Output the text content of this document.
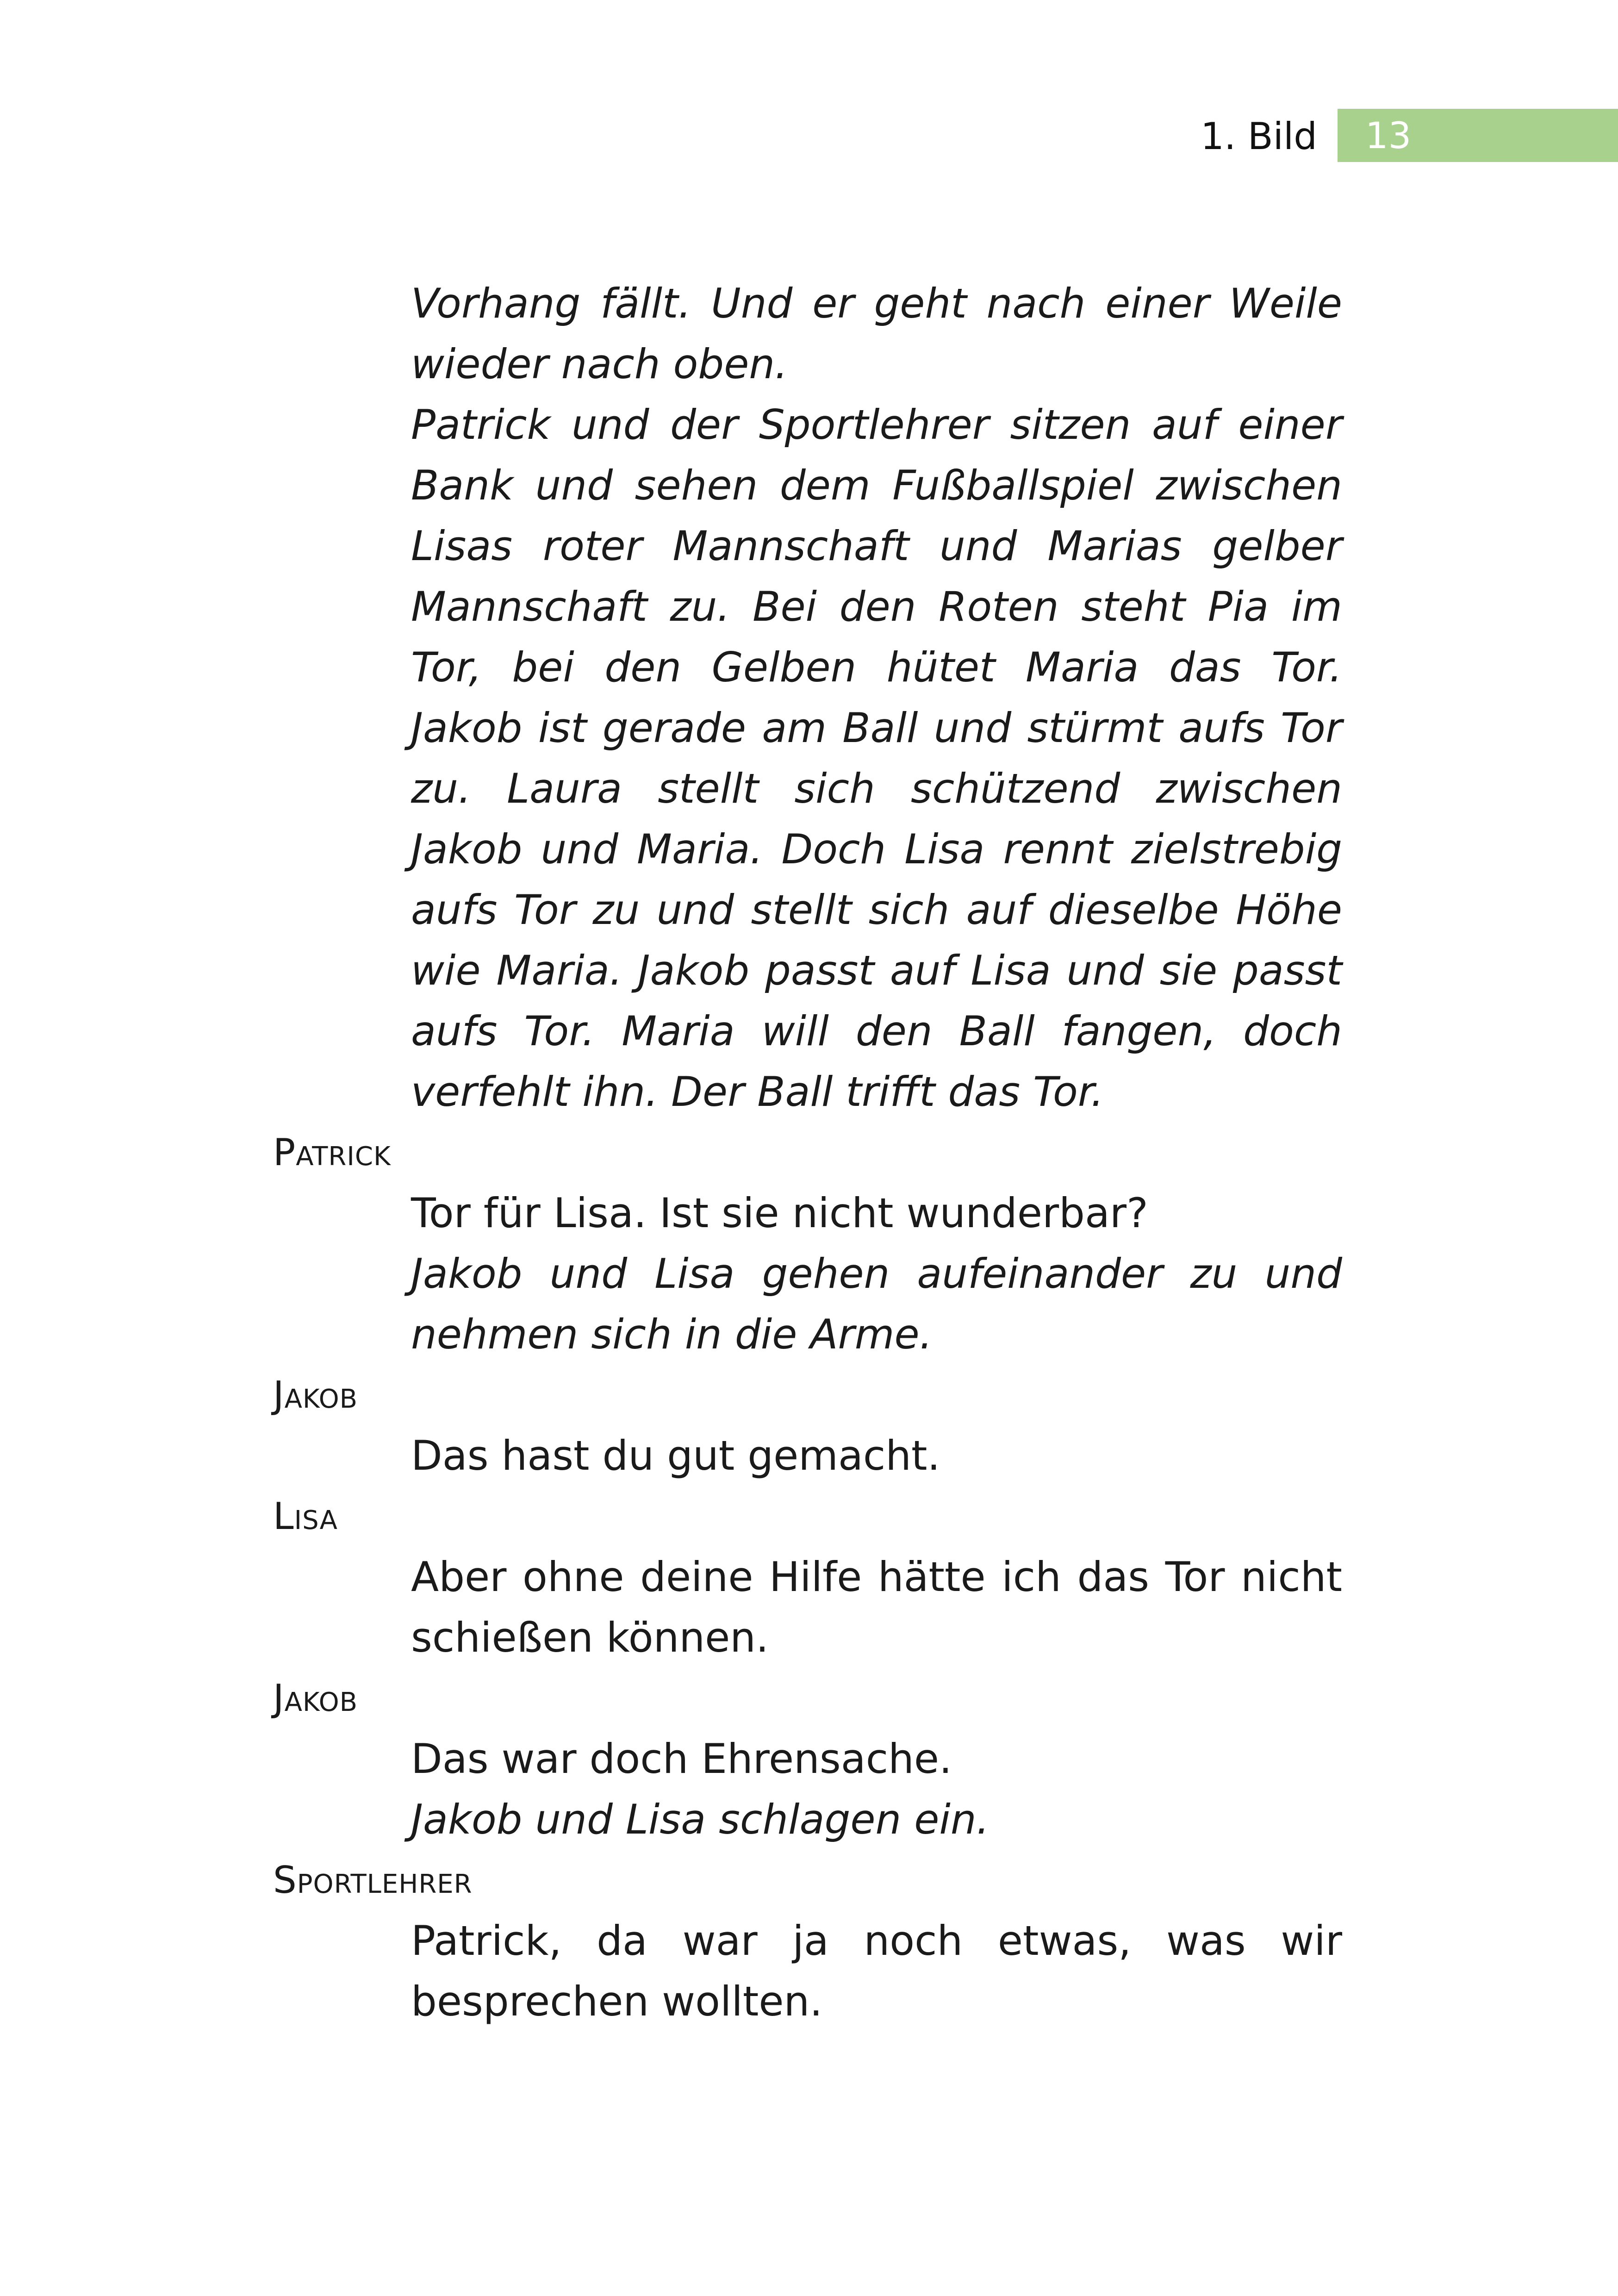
1. Bild 13
Vorhang fällt. Und er geht nach einer Weile wieder nach oben.
Patrick und der Sportlehrer sitzen auf einer Bank und sehen dem Fußballspiel zwischen Lisas roter Mannschaft und Marias gelber Mannschaft zu. Bei den Roten steht Pia im Tor, bei den Gelben hütet Maria das Tor. Jakob ist gerade am Ball und stürmt aufs Tor zu. Laura stellt sich schützend zwischen Jakob und Maria. Doch Lisa rennt zielstrebig aufs Tor zu und stellt sich auf dieselbe Höhe wie Maria. Jakob passt auf Lisa und sie passt aufs Tor. Maria will den Ball fangen, doch verfehlt ihn. Der Ball trifft das Tor.
Patrick
Tor für Lisa. Ist sie nicht wunderbar?
Jakob und Lisa gehen aufeinander zu und nehmen sich in die Arme.
Jakob
Das hast du gut gemacht.
Lisa
Aber ohne deine Hilfe hätte ich das Tor nicht schießen können.
Jakob
Das war doch Ehrensache.
Jakob und Lisa schlagen ein.
Sportlehrer
Patrick, da war ja noch etwas, was wir besprechen wollten.
